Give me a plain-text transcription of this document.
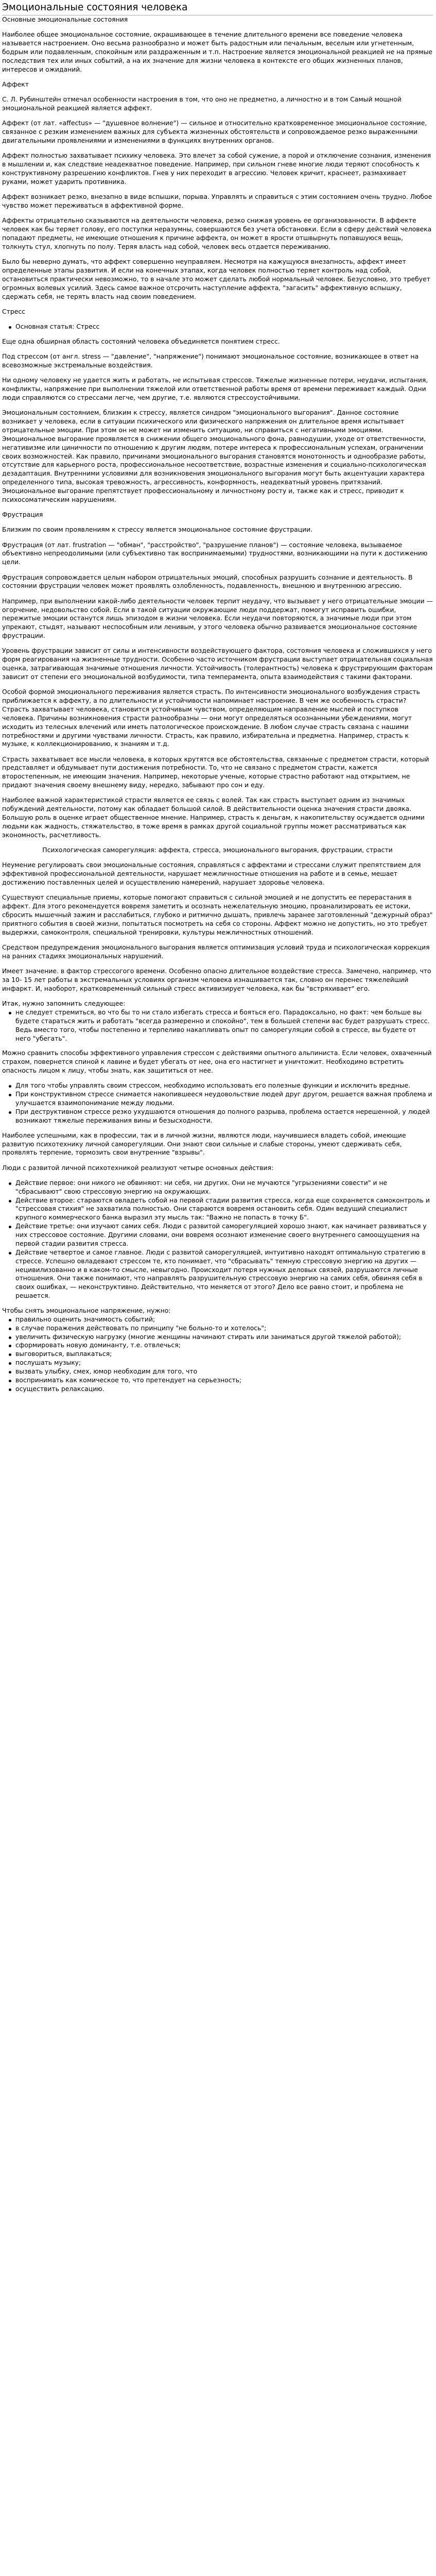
Эмоциональные состояния человека

Основные эмоциональные состояния

Наиболее общее эмоциональное состояние, окрашивающее в течение длительного времени все поведение человека называется настроением. Оно весьма разнообразно и может быть радостным или печальным, веселым или угнетенным, бодрым или подавленным, спокойным или раздраженным и т.п. Настроение является эмоциональной реакцией не на прямые последствия тех или иных событий, а на их значение для жизни человека в контексте его общих жизненных планов, интересов и ожиданий.

Аффект

С. Л. Рубинштейн отмечал особенности настроения в том, что оно не предметно, а личностно и в том Самый мощной эмоциональной реакцией является аффект.

Аффект (от лат. «affectus» — "душевное волнение") — сильное и относительно кратковременное эмоциональное состояние, связанное с резким изменением важных для субъекта жизненных обстоятельств и сопровождаемое резко выраженными двигательными проявлениями и изменениями в функциях внутренних органов.

Аффект полностью захватывает психику человека. Это влечет за собой сужение, а порой и отключение сознания, изменения в мышлении и, как следствие неадекватное поведение. Например, при сильном гневе многие люди теряют способность к конструктивному разрешению конфликтов. Гнев у них переходит в агрессию. Человек кричит, краснеет, размахивает руками, может ударить противника.

Аффект возникает резко, внезапно в виде вспышки, порыва. Управлять и справиться с этим состоянием очень трудно. Любое чувство может переживаться в аффективной форме.

Аффекты отрицательно сказываются на деятельности человека, резко снижая уровень ее организованности. В аффекте человек как бы теряет голову, его поступки неразумны, совершаются без учета обстановки. Если в сферу действий человека попадают предметы, не имеющие отношения к причине аффекта, он может в ярости отшвырнуть попавшуюся вещь, толкнуть стул, хлопнуть по полу. Теряя власть над собой, человек весь отдается переживанию.

Было бы неверно думать, что аффект совершенно неуправляем. Несмотря на кажущуюся внезапность, аффект имеет определенные этапы развития. И если на конечных этапах, когда человек полностью теряет контроль над собой, остановиться практически невозможно, то в начале это может сделать любой нормальный человек. Безусловно, это требует огромных волевых усилий. Здесь самое важное отсрочить наступление аффекта, "загасить" аффективную вспышку, сдержать себя, не терять власть над своим поведением.

Стресс

Основная статья: Стресс

Еще одна обширная область состояний человека объединяется понятием стресс.

Под стрессом (от англ. stress — "давление", "напряжение") понимают эмоциональное состояние, возникающее в ответ на всевозможные экстремальные воздействия.

Ни одному человеку не удается жить и работать, не испытывая стрессов. Тяжелые жизненные потери, неудачи, испытания, конфликты, напряжение при выполнении тяжелой или ответственной работы время от времени переживает каждый. Одни люди справляются со стрессами легче, чем другие, т.е. являются стрессоустойчивыми.

Эмоциональным состоянием, близким к стрессу, является синдром "эмоционального выгорания". Данное состояние возникает у человека, если в ситуации психического или физического напряжения он длительное время испытывает отрицательные эмоции. При этом он не может ни изменить ситуацию, ни справиться с негативными эмоциями. Эмоциональное выгорание проявляется в снижении общего эмоционального фона, равнодушии, уходе от ответственности, негативизме или циничности по отношению к другим людям, потере интереса к профессиональным успехам, ограничении своих возможностей. Как правило, причинами эмоционального выгорания становятся монотонность и однообразие работы, отсутствие для карьерного роста, профессиональное несоответствие, возрастные изменения и социально-психологическая дезадаптация. Внутренними условиями для возникновения эмоционального выгорания могут быть акцентуации характера определенного типа, высокая тревожность, агрессивность, конформность, неадекватный уровень притязаний. Эмоциональное выгорание препятствует профессиональному и личностному росту и, также как и стресс, приводит к психосоматическим нарушениям.

Фрустрация

Близким по своим проявлениям к стрессу является эмоциональное состояние фрустрации.

Фрустрация (от лат. frustration — "обман", "расстройство", "разрушение планов") — состояние человека, вызываемое объективно непреодолимыми (или субъективно так воспринимаемыми) трудностями, возникающими на пути к достижению цели.

Фрустрация сопровождается целым набором отрицательных эмоций, способных разрушить сознание и деятельность. В состоянии фрустрации человек может проявлять озлобленность, подавленность, внешнюю и внутреннюю агрессию.

Например, при выполнении какой-либо деятельности человек терпит неудачу, что вызывает у него отрицательные эмоции — огорчение, недовольство собой. Если в такой ситуации окружающие люди поддержат, помогут исправить ошибки, пережитые эмоции останутся лишь эпизодом в жизни человека. Если неудачи повторяются, а значимые люди при этом упрекают, стыдят, называют неспособным или ленивым, у этого человека обычно развивается эмоциональное состояние фрустрации.

Уровень фрустрации зависит от силы и интенсивности воздействующего фактора, состояния человека и сложившихся у него форм реагирования на жизненные трудности. Особенно часто источником фрустрации выступает отрицательная социальная оценка, затрагивающая значимые отношения личности. Устойчивость (толерантность) человека к фрустрирующим факторам зависит от степени его эмоциональной возбудимости, типа темперамента, опыта взаимодействия с такими факторами.

Особой формой эмоционального переживания является страсть. По интенсивности эмоционального возбуждения страсть приближается к аффекту, а по длительности и устойчивости напоминает настроение. В чем же особенность страсти? Страсть захватывает человека, становится устойчивым чувством, определяющим направление мыслей и поступков человека. Причины возникновения страсти разнообразны — они могут определяться осознанными убеждениями, могут исходить из телесных влечений или иметь патологическое происхождение. В любом случае страсть связана с нашими потребностями и другими чувствами личности. Страсть, как правило, избирательна и предметна. Например, страсть к музыке, к коллекционированию, к знаниям и т.д.

Страсть захватывает все мысли человека, в которых крутятся все обстоятельства, связанные с предметом страсти, который представляет и обдумывает пути достижения потребности. То, что не связано с предметом страсти, кажется второстепенным, не имеющим значения. Например, некоторые ученые, которые страстно работают над открытием, не придают значения своему внешнему виду, нередко, забывают про сон и еду.

Наиболее важной характеристикой страсти является ее связь с волей. Так как страсть выступает одним из значимых побуждений деятельности, потому как обладает большой силой. В действительности оценка значения страсти двояка. Большую роль в оценке играет общественное мнение. Например, страсть к деньгам, к накопительству осуждается одними людьми как жадность, стяжательство, в тоже время в рамках другой социальной группы может рассматриваться как экономность, расчетливость.

Психологическая саморегуляция: аффекта, стресса, эмоционального выгорания, фрустрации, страсти

Неумение регулировать свои эмоциональные состояния, справляться с аффектами и стрессами служит препятствием для эффективной профессиональной деятельности, нарушает межличностные отношения на работе и в семье, мешает достижению поставленных целей и осуществлению намерений, нарушает здоровье человека.

Существуют специальные приемы, которые помогают справиться с сильной эмоцией и не допустить ее перерастания в аффект. Для этого рекомендуется вовремя заметить и осознать нежелательную эмоцию, проанализировать ее истоки, сбросить мышечный зажим и расслабиться, глубоко и ритмично дышать, привлечь заранее заготовленный "дежурный образ" приятного события в своей жизни, попытаться посмотреть на себя со стороны. Аффект можно не допустить, но это требует выдержки, самоконтроля, специальной тренировки, культуры межличностных отношений.

Средством предупреждения эмоционального выгорания является оптимизация условий труда и психологическая коррекция на ранних стадиях эмоциональных нарушений.

Имеет значение. в фактор стрессогого времени. Особенно опасно длительное воздействие стресса. Замечено, например, что за 10- 15 лет работы в экстремальных условиях организм человека изнашивается так, словно он перенес тяжелейший инфаркт. И, наоборот, кратковременный сильный стресс активизирует человека, как бы "встряхивает" его.

Итак, нужно запомнить следующее:

не следует стремиться, во что бы то ни стало избегать стресса и бояться его. Парадоксально, но факт: чем больше вы будете стараться жить и работать "всегда размеренно и спокойно", тем в большей степени вас будет разрушать стресс. Ведь вместо того, чтобы постепенно и терпеливо накапливать опыт по саморегуляции собой в стрессе, вы будете от него "убегать".

Можно сравнить способы эффективного управления стрессом с действиями опытного альпиниста. Если человек, охваченный страхом, повернется спиной к лавине и будет убегать от нее, она его настигнет и уничтожит. Необходимо встретить опасность лицом к лицу, чтобы знать, как защититься от нее.

Для того чтобы управлять своим стрессом, необходимо использовать его полезные функции и исключить вредные.
При конструктивном стрессе снимается накопившееся неудовольствие людей друг другом, решается важная проблема и улучшается взаимопонимание между людьми.
При деструктивном стрессе резко ухудшаются отношения до полного разрыва, проблема остается нерешенной, у людей возникают тяжелые переживания вины и безысходности.

Наиболее успешными, как в профессии, так и в личной жизни, являются люди, научившиеся владеть собой, имеющие развитую психотехнику личной саморегуляции. Они знают свои сильные и слабые стороны, умеют сдерживать себя, проявлять терпение, тормозить свои внутренние "взрывы".

Люди с развитой личной психотехникой реализуют четыре основных действия:

Действие первое: они никого не обвиняют: ни себя, ни других. Они не мучаются "угрызениями совести" и не "сбрасывают" свою стрессовую энергию на окружающих.
Действие второе: стараются овладеть собой на первой стадии развития стресса, когда еще сохраняется самоконтроль и "стрессовая стихия" не захватила полностью. Они стараются вовремя остановить себя. Один ведущий специалист крупного коммерческого банка выразил эту мысль так: "Важно не попасть в точку Б".
Действие третье: они изучают самих себя. Люди с развитой саморегуляцией хорошо знают, как начинает развиваться у них стрессовое состояние. Другими словами, они вовремя осознают изменение своего внутреннего самоощущения на первой стадии развития стресса.
Действие четвертое и самое главное. Люди с развитой саморегуляцией, интуитивно находят оптимальную стратегию в стрессе. Успешно овладевают стрессом те, кто понимает, что "сбрасывать" темную стрессовую энергию на других — нецивилизованно и в каком-то смысле, невыгодно. Происходит потеря нужных деловых связей, разрушаются личные отношения. Они также понимают, что направлять разрушительную стрессовую энергию на самих себя, обвиняя себя в своих ошибках, — неконструктивно. Действительно, что меняется от этого? Дело все равно стоит, и проблема не решается.

Чтобы снять эмоциональное напряжение, нужно:

правильно оценить значимость событий;
в случае поражения действовать по принципу "не больно-то и хотелось";
увеличить физическую нагрузку (многие женщины начинают стирать или заниматься другой тяжелой работой);
сформировать новую доминанту, т.е. отвлечься;
выговориться, выплакаться;
послушать музыку;
вызвать улыбку, смех, юмор необходим для того, что
воспринимать как комическое то, что претендует на серьезность;
осуществить релаксацию.
